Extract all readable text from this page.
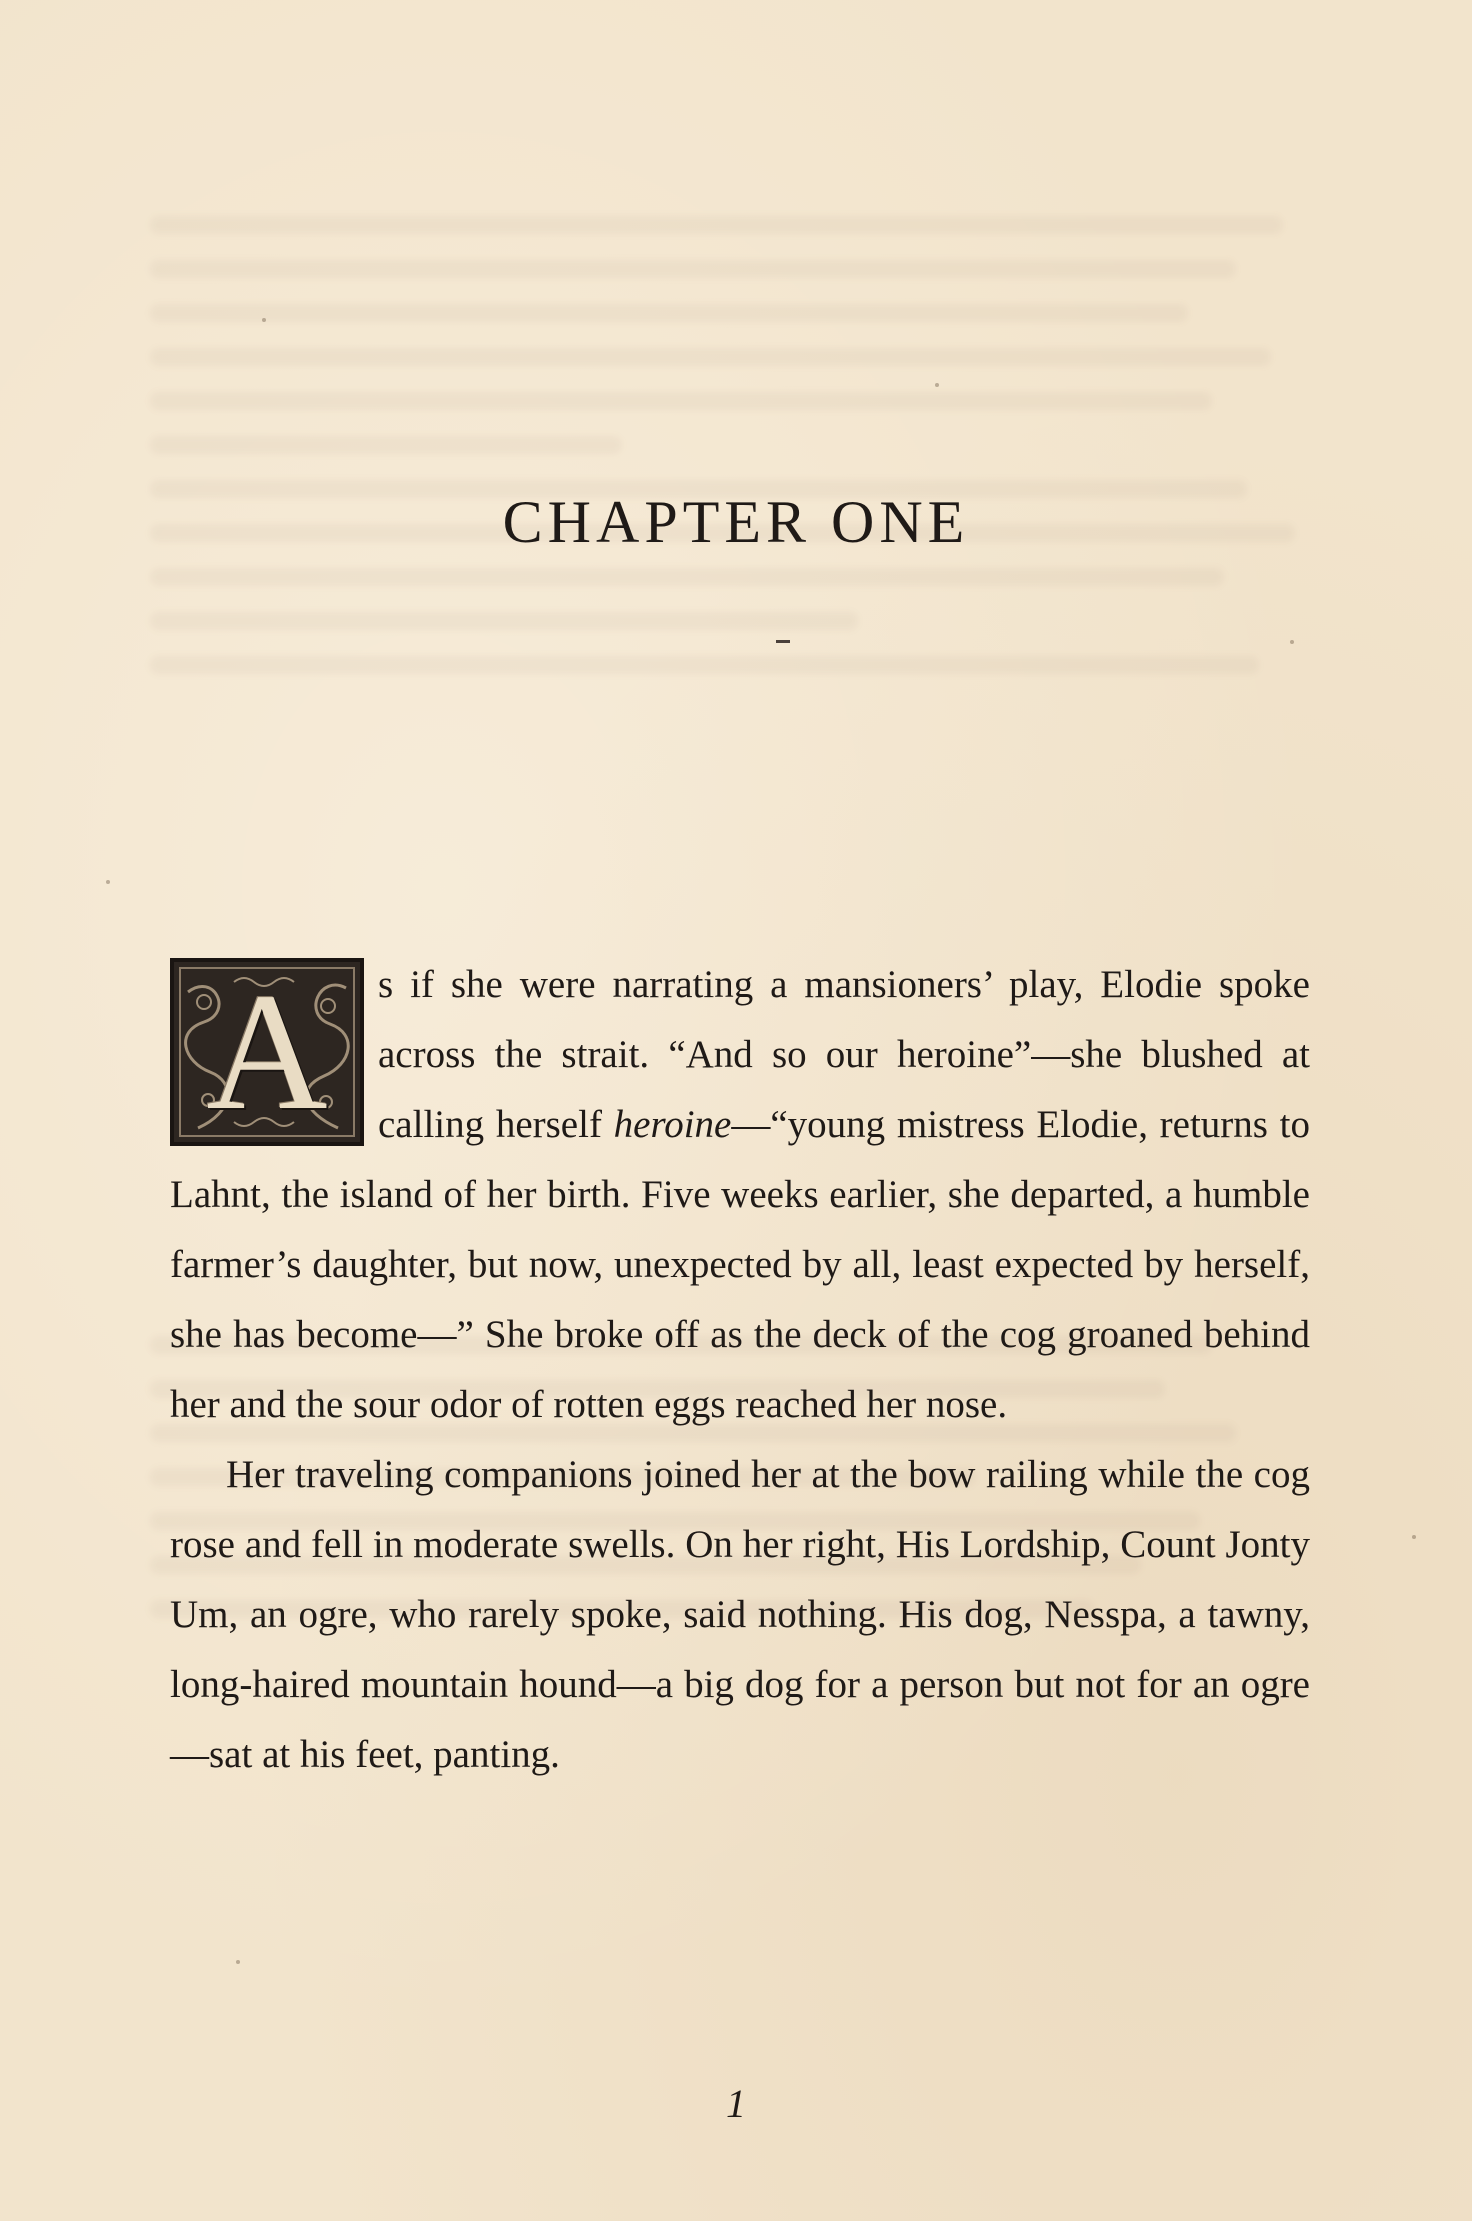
CHAPTER ONE

A	s if she were narrating a mansioners’ play, Elodie spoke across the strait. “And so our heroine”—she blushed at calling herself heroine—“young mistress Elodie, returns to Lahnt, the island of her birth. Five weeks earlier, she departed, a humble farmer’s daughter, but now, unexpected by all, least expected by herself, she has become—” She broke off as the deck of the cog groaned behind her and the sour odor of rotten eggs reached her nose.

Her traveling companions joined her at the bow railing while the cog rose and fell in moderate swells. On her right, His Lordship, Count Jonty Um, an ogre, who rarely spoke, said nothing. His dog, Nesspa, a tawny, long-haired mountain hound—a big dog for a person but not for an ogre—sat at his feet, panting.

1
